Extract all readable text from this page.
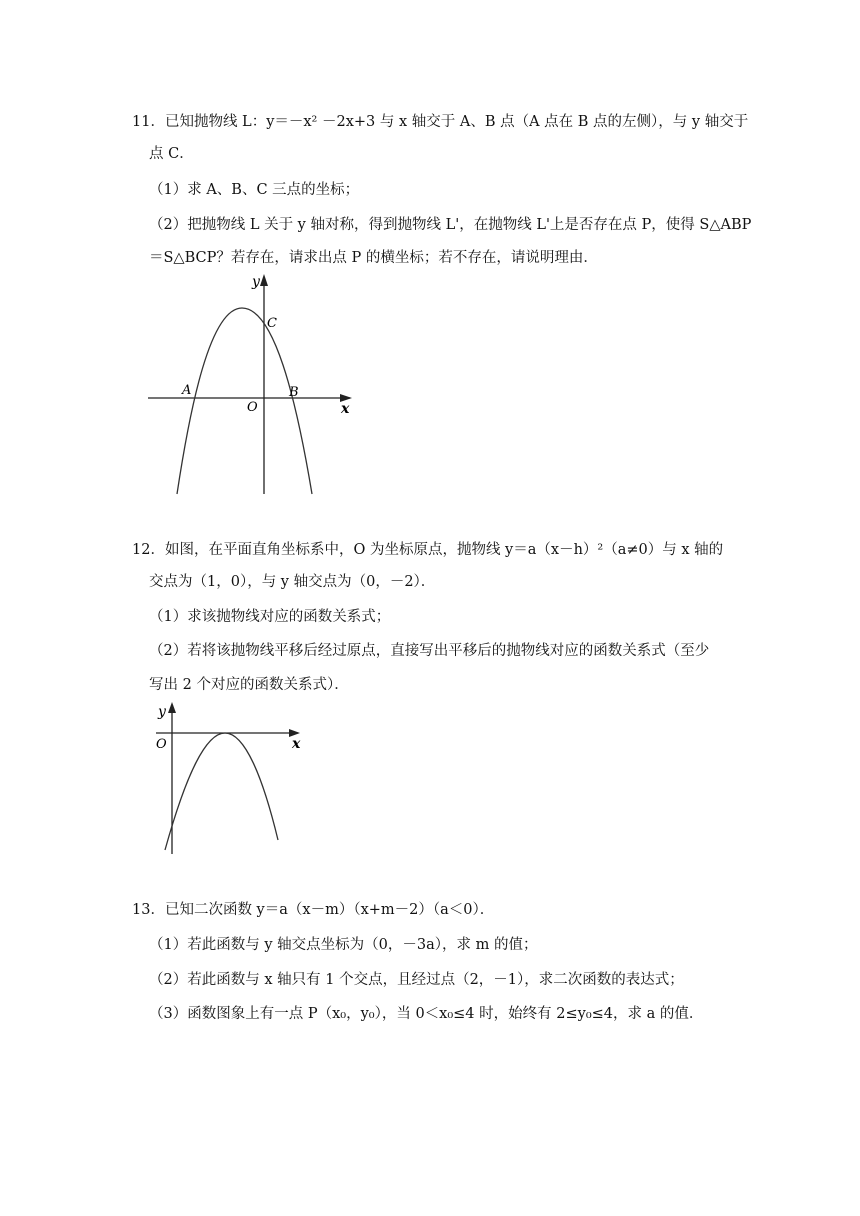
11．已知抛物线 L：y＝－x² －2x+3 与 x 轴交于 A、B 点（A 点在 B 点的左侧），与 y 轴交于
点 C．
（1）求 A、B、C 三点的坐标；
（2）把抛物线 L 关于 y 轴对称，得到抛物线 L'，在抛物线 L'上是否存在点 P，使得 S△ABP
＝S△BCP？若存在，请求出点 P 的横坐标；若不存在，请说明理由．
y
x
O
A	B
C
12．如图，在平面直角坐标系中，O 为坐标原点，抛物线 y＝a（x－h）²（a≠0）与 x 轴的
交点为（1，0），与 y 轴交点为（0，－2）．
（1）求该抛物线对应的函数关系式；
（2）若将该抛物线平移后经过原点，直接写出平移后的抛物线对应的函数关系式（至少
写出 2 个对应的函数关系式）．
y
x
O
13．已知二次函数 y＝a（x－m）（x+m－2）（a＜0）．
（1）若此函数与 y 轴交点坐标为（0，－3a），求 m 的值；
（2）若此函数与 x 轴只有 1 个交点，且经过点（2，－1），求二次函数的表达式；
（3）函数图象上有一点 P（x₀，y₀），当 0＜x₀≤4 时，始终有 2≤y₀≤4，求 a 的值．
